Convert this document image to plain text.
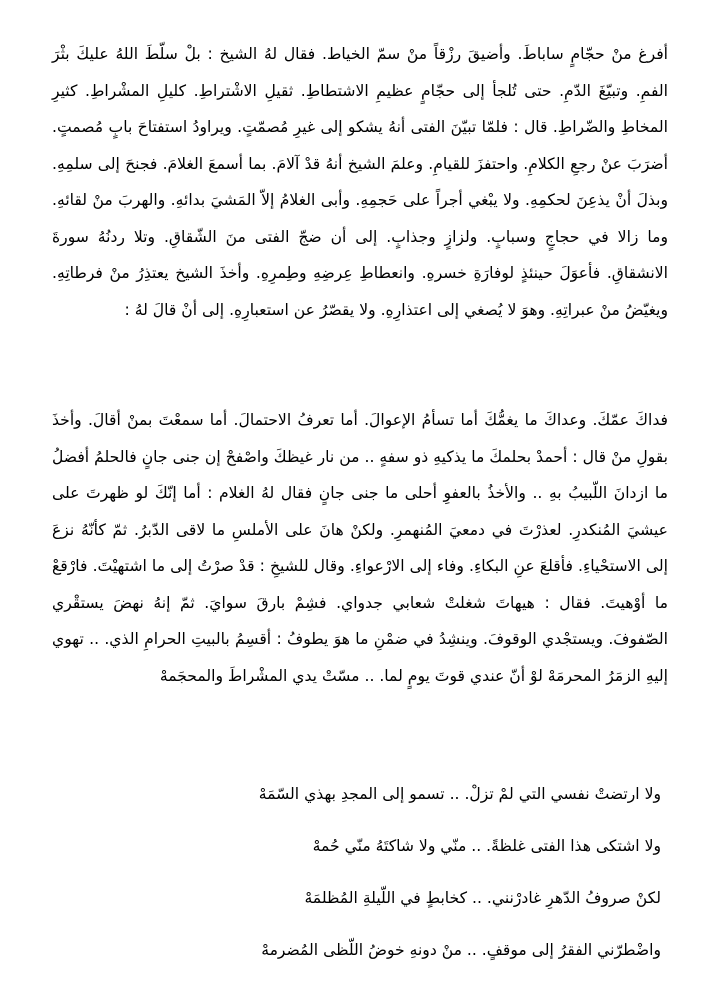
أفرغ منْ حجّامٍ ساباطَ. وأضيقَ رزْقاً منْ سمّ الخياط. فقال لهُ الشيخ : بلْ سلّطَ اللهُ عليكَ بثْرَ الفمِ. وتبيّغَ الدّمِ. حتى تُلجأ إلى حجّامٍ عظيمِ الاشتطاطِ. ثقيلِ الاشْتراطِ. كليلِ المشْراطِ. كثيرِ المخاطِ والضّراطِ. قال : فلمّا تبيّنَ الفتى أنهُ يشكو إلى غيرِ مُصمّتٍ. ويراودُ استفتاحَ بابٍ مُصمتٍ. أضرَبَ عنْ رجعِ الكلامِ. واحتفزَ للقيامِ. وعلمَ الشيخ أنهُ قدْ آلامَ. بما أسمعَ الغلامَ. فجنحَ إلى سلمِهِ. وبذلَ أنْ يذعِنَ لحكمِهِ. ولا يبْغي أجراً على حَجمِهِ. وأبى الغلامُ إلاّ المَشيَ بدائهِ. والهربَ منْ لقائهِ. وما زالا في حجاجٍ وسبابٍ. ولزازٍ وجذابٍ. إلى أن ضجّ الفتى منَ الشّقاقِ. وتلا ردنُهُ سورةَ الانشقاقِ. فأعوَلَ حينئذٍ لوفارَةِ خسرهِ. وانعطاطِ عِرضِهِ وطِمرِهِ. وأخذَ الشيخ يعتذِرُ منْ فرطاتِهِ. ويغيّضُ منْ عبراتِهِ. وهوَ لا يُصغي إلى اعتذارِهِ. ولا يقصّرُ عن استعبارِهِ. إلى أنْ قالَ لهُ :

فداكَ عمّكَ. وعداكَ ما يغمُّكَ أما تسأمُ الإعوالَ. أما تعرفُ الاحتمالَ. أما سمعْتَ بمنْ أقالَ. وأخذَ بقولِ منْ قال : أحمدْ بحلمكَ ما يذكيهِ ذو سفهٍ .. من نار غيظكَ واصْفحْ إن جنى جانٍ فالحلمُ أفضلُ ما ازدانَ اللّبيبُ بهِ .. والأخذُ بالعفوِ أحلى ما جنى جانٍ فقال لهُ الغلام : أما إنّكَ لو ظهرتَ على عيشيَ المُنكدرِ. لعذرْتَ في دمعيَ المُنهمرِ. ولكنْ هانَ على الأملسِ ما لاقى الدّبرُ. ثمّ كأنّهُ نزعَ إلى الاستحْياءِ. فأقلعَ عنِ البكاءِ. وفاء إلى الارْعواءِ. وقال للشيخِ : قدْ صرْتُ إلى ما اشتهيْتَ. فارْقعْ ما أوْهيتَ. فقال : هيهاتَ شغلتْ شعابي جدواي. فشِمْ بارقَ سوايَ. ثمّ إنهُ نهضَ يستقْري الصّفوفَ. ويستجْدي الوقوفَ. وينشِدُ في ضمْنِ ما هوَ يطوفُ : أقسِمُ بالبيتِ الحرامِ الذي. .. تهوي إليهِ الزمَرُ المحرمَهْ لوْ أنّ عندي قوتَ يومٍ لما. .. مسّتْ يدي المشْراطَ والمحجَمهْ

ولا ارتضتْ نفسي التي لمْ تزلْ. .. تسمو إلى المجدِ بهذي السّمَهْ
ولا اشتكى هذا الفتى غلظةً. .. منّي ولا شاكتَهُ منّي حُمهْ
لكنْ صروفُ الدّهرِ غادرْنني. .. كخابطٍ في اللّيلةِ المُظلمَهْ
واضْطرّني الفقرُ إلى موقفٍ. .. منْ دونهِ خوضُ اللّظى المُضرمهْ
